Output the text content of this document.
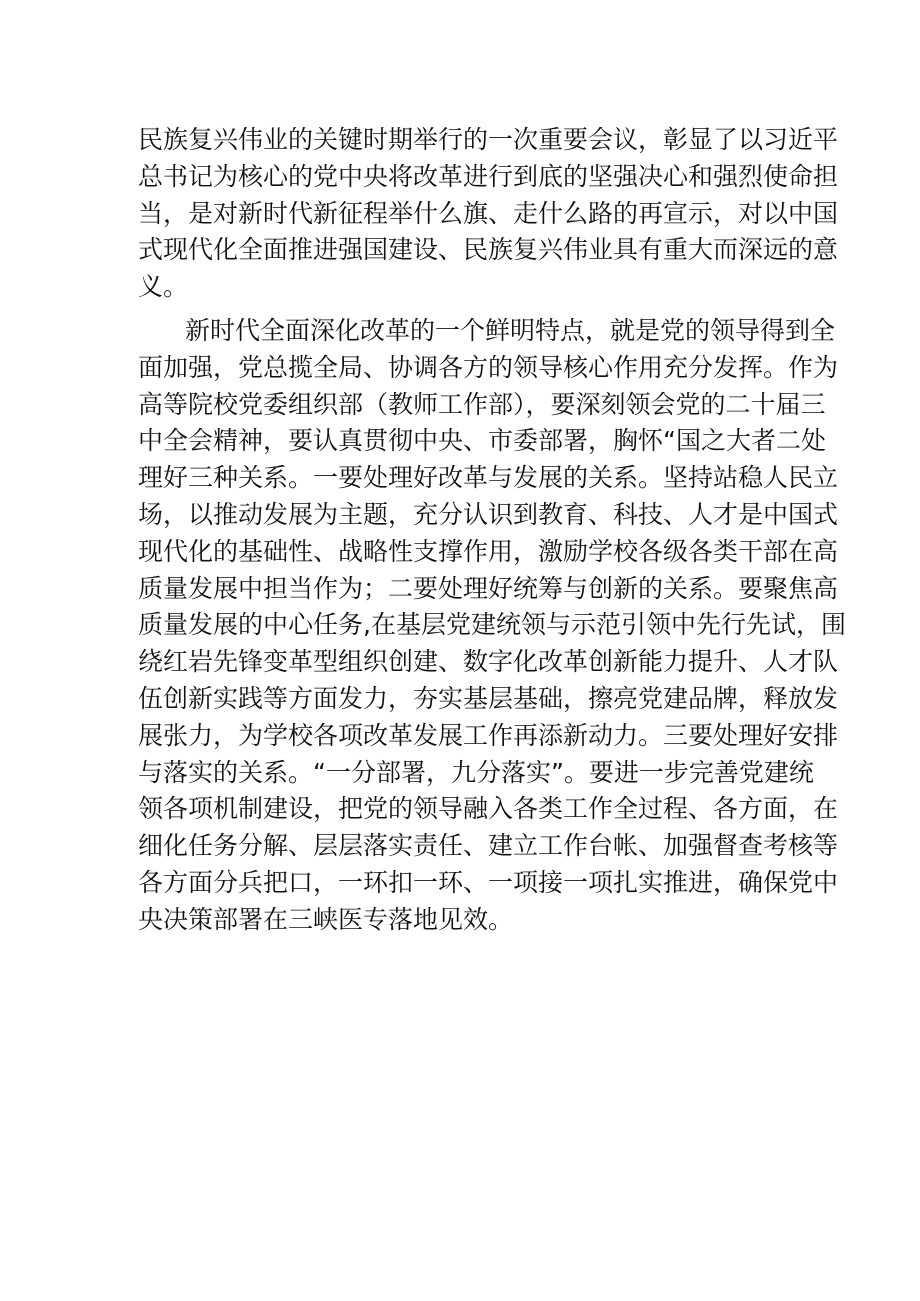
民族复兴伟业的关键时期举行的一次重要会议，彰显了以习近平
总书记为核心的党中央将改革进行到底的坚强决心和强烈使命担
当，是对新时代新征程举什么旗、走什么路的再宣示，对以中国
式现代化全面推进强国建设、民族复兴伟业具有重大而深远的意
义。
新时代全面深化改革的一个鲜明特点，就是党的领导得到全
面加强，党总揽全局、协调各方的领导核心作用充分发挥。作为
高等院校党委组织部（教师工作部），要深刻领会党的二十届三
中全会精神，要认真贯彻中央、市委部署，胸怀“国之大者二处
理好三种关系。一要处理好改革与发展的关系。坚持站稳人民立
场，以推动发展为主题，充分认识到教育、科技、人才是中国式
现代化的基础性、战略性支撑作用，激励学校各级各类干部在高
质量发展中担当作为；二要处理好统筹与创新的关系。要聚焦高
质量发展的中心任务,在基层党建统领与示范引领中先行先试，围
绕红岩先锋变革型组织创建、数字化改革创新能力提升、人才队
伍创新实践等方面发力，夯实基层基础，擦亮党建品牌，释放发
展张力，为学校各项改革发展工作再添新动力。三要处理好安排
与落实的关系。“一分部署，九分落实”。要进一步完善党建统
领各项机制建设，把党的领导融入各类工作全过程、各方面，在
细化任务分解、层层落实责任、建立工作台帐、加强督查考核等
各方面分兵把口，一环扣一环、一项接一项扎实推进，确保党中
央决策部署在三峡医专落地见效。
